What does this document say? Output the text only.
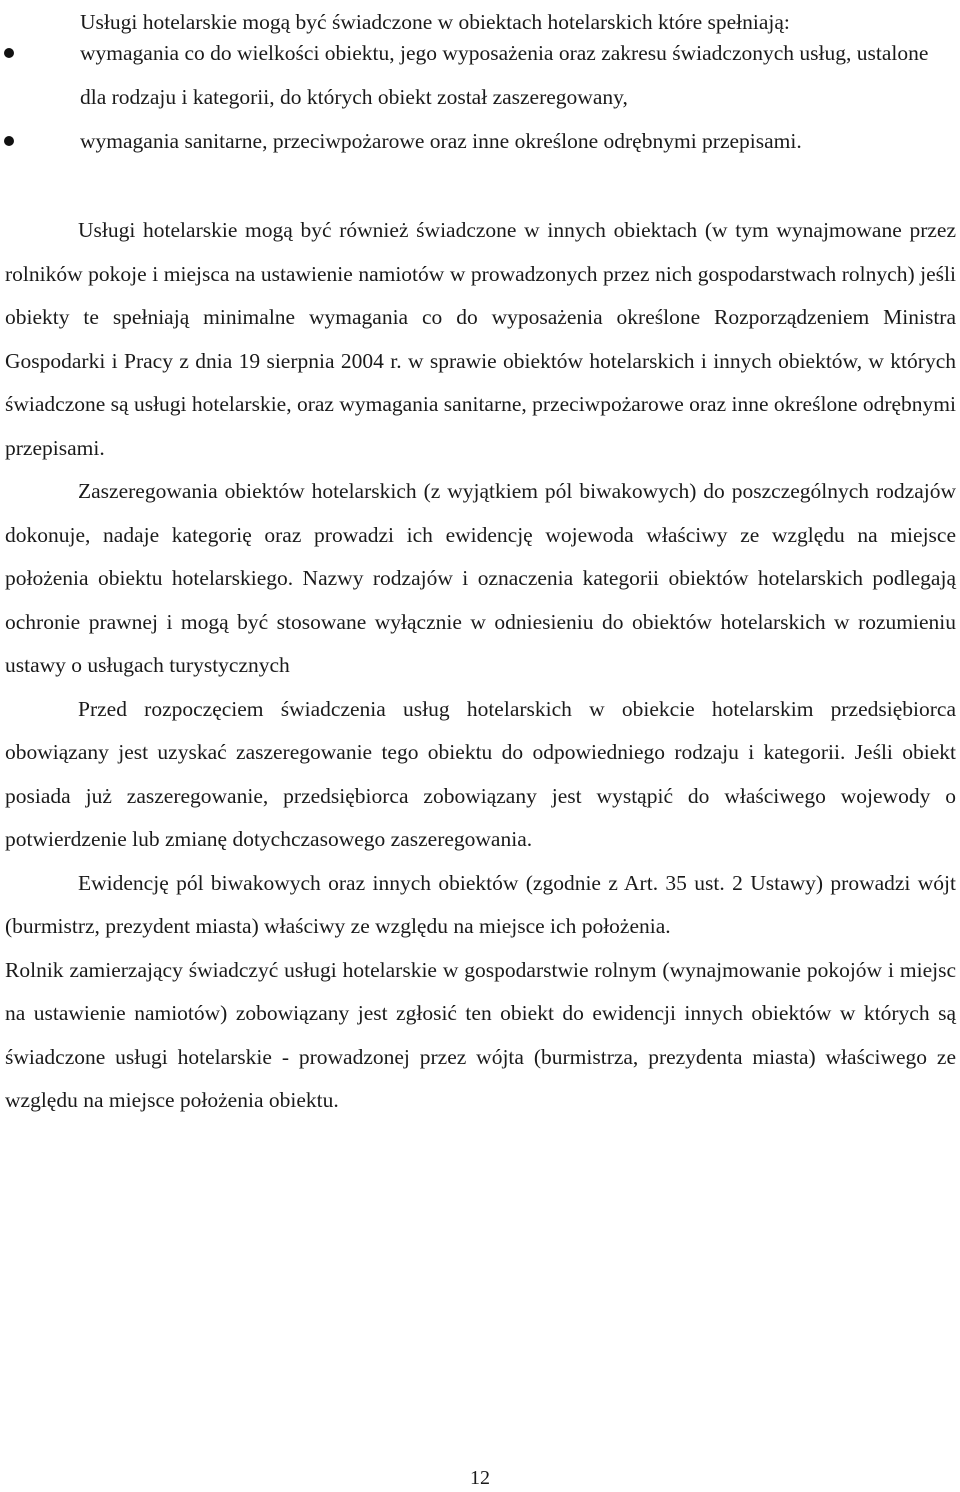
Usługi hotelarskie mogą być świadczone w obiektach hotelarskich które spełniają:

wymagania co do wielkości obiektu, jego wyposażenia oraz zakresu świadczonych usług, ustalone dla rodzaju i kategorii, do których obiekt został zaszeregowany,
wymagania sanitarne, przeciwpożarowe oraz inne określone odrębnymi przepisami.

Usługi hotelarskie mogą być również świadczone w innych obiektach (w tym wynajmowane przez rolników pokoje i miejsca na ustawienie namiotów w prowadzonych przez nich gospodarstwach rolnych) jeśli obiekty te spełniają minimalne wymagania co do wyposażenia określone Rozporządzeniem Ministra Gospodarki i Pracy z dnia 19 sierpnia 2004 r. w sprawie obiektów hotelarskich i innych obiektów, w których świadczone są usługi hotelarskie, oraz wymagania sanitarne, przeciwpożarowe oraz inne określone odrębnymi przepisami.

Zaszeregowania obiektów hotelarskich (z wyjątkiem pól biwakowych) do poszczególnych rodzajów dokonuje, nadaje kategorię oraz prowadzi ich ewidencję wojewoda właściwy ze względu na miejsce położenia obiektu hotelarskiego. Nazwy rodzajów i oznaczenia kategorii obiektów hotelarskich podlegają ochronie prawnej i mogą być stosowane wyłącznie w odniesieniu do obiektów hotelarskich w rozumieniu ustawy o usługach turystycznych

Przed rozpoczęciem świadczenia usług hotelarskich w obiekcie hotelarskim przedsiębiorca obowiązany jest uzyskać zaszeregowanie tego obiektu do odpowiedniego rodzaju i kategorii. Jeśli obiekt posiada już zaszeregowanie, przedsiębiorca zobowiązany jest wystąpić do właściwego wojewody o potwierdzenie lub zmianę dotychczasowego zaszeregowania.

Ewidencję pól biwakowych oraz innych obiektów (zgodnie z Art. 35 ust. 2 Ustawy) prowadzi wójt (burmistrz, prezydent miasta) właściwy ze względu na miejsce ich położenia.

Rolnik zamierzający świadczyć usługi hotelarskie w gospodarstwie rolnym (wynajmowanie pokojów i miejsc na ustawienie namiotów) zobowiązany jest zgłosić ten obiekt do ewidencji innych obiektów w których są świadczone usługi hotelarskie - prowadzonej przez wójta (burmistrza, prezydenta miasta) właściwego ze względu na miejsce położenia obiektu.

12
